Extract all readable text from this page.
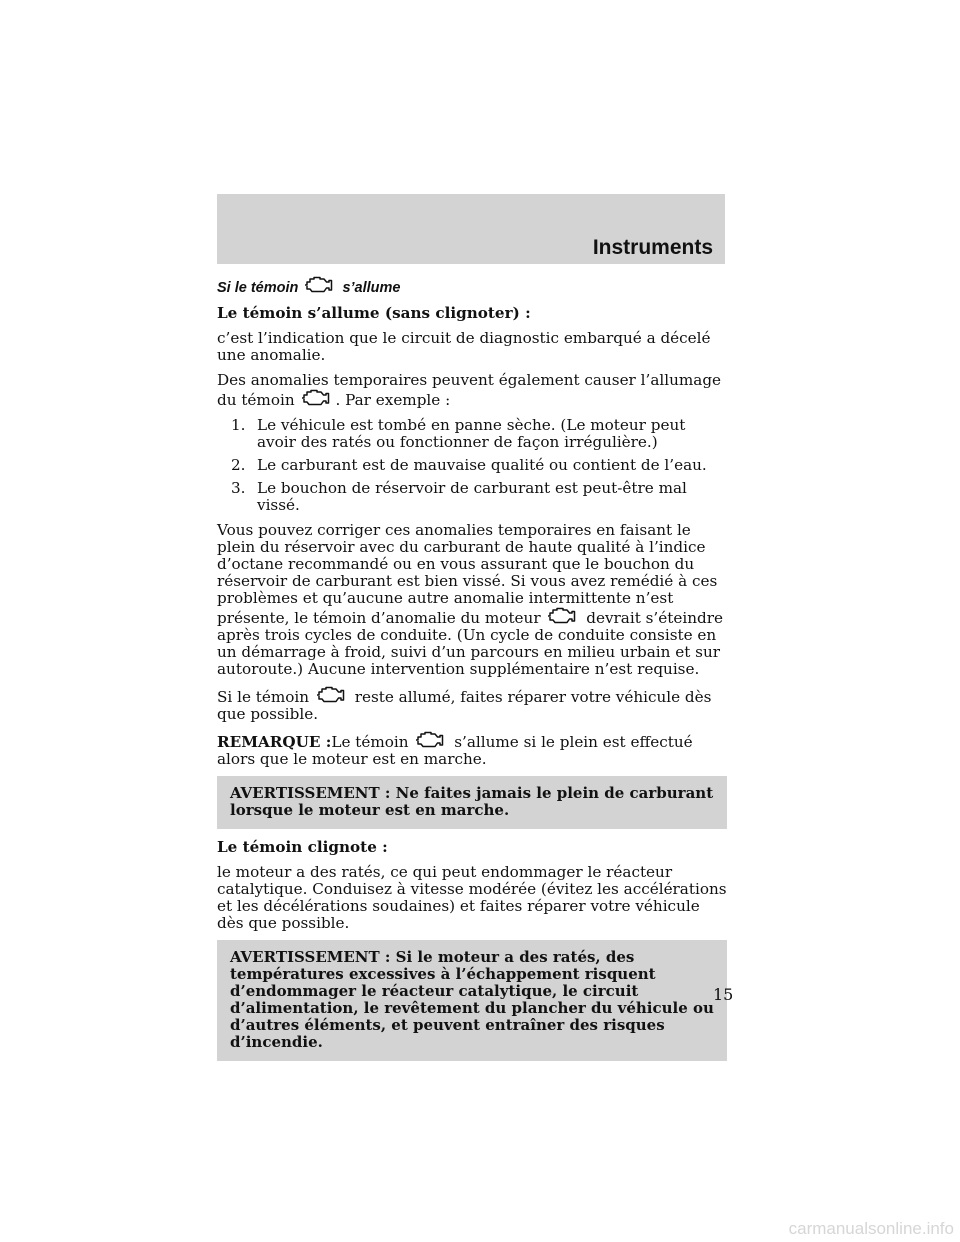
Instruments

Si le témoin	s’allume

Le témoin s’allume (sans clignoter) :

c’est l’indication que le circuit de diagnostic embarqué a décelé une anomalie.

Des anomalies temporaires peuvent également causer l’allumage du témoin	. Par exemple :

1. Le véhicule est tombé en panne sèche. (Le moteur peut avoir des ratés ou fonctionner de façon irrégulière.)
2. Le carburant est de mauvaise qualité ou contient de l’eau.
3. Le bouchon de réservoir de carburant est peut-être mal vissé.

Vous pouvez corriger ces anomalies temporaires en faisant le plein du réservoir avec du carburant de haute qualité à l’indice d’octane recommandé ou en vous assurant que le bouchon du réservoir de carburant est bien vissé. Si vous avez remédié à ces problèmes et qu’aucune autre anomalie intermittente n’est présente, le témoin d’anomalie du moteur	devrait s’éteindre après trois cycles de conduite. (Un cycle de conduite consiste en un démarrage à froid, suivi d’un parcours en milieu urbain et sur autoroute.) Aucune intervention supplémentaire n’est requise.

Si le témoin	reste allumé, faites réparer votre véhicule dès que possible.

REMARQUE :Le témoin	s’allume si le plein est effectué alors que le moteur est en marche.

AVERTISSEMENT : Ne faites jamais le plein de carburant lorsque le moteur est en marche.

Le témoin clignote :

le moteur a des ratés, ce qui peut endommager le réacteur catalytique. Conduisez à vitesse modérée (évitez les accélérations et les décélérations soudaines) et faites réparer votre véhicule dès que possible.

AVERTISSEMENT : Si le moteur a des ratés, des températures excessives à l’échappement risquent d’endommager le réacteur catalytique, le circuit d’alimentation, le revêtement du plancher du véhicule ou d’autres éléments, et peuvent entraîner des risques d’incendie.
15
carmanualsonline.info
